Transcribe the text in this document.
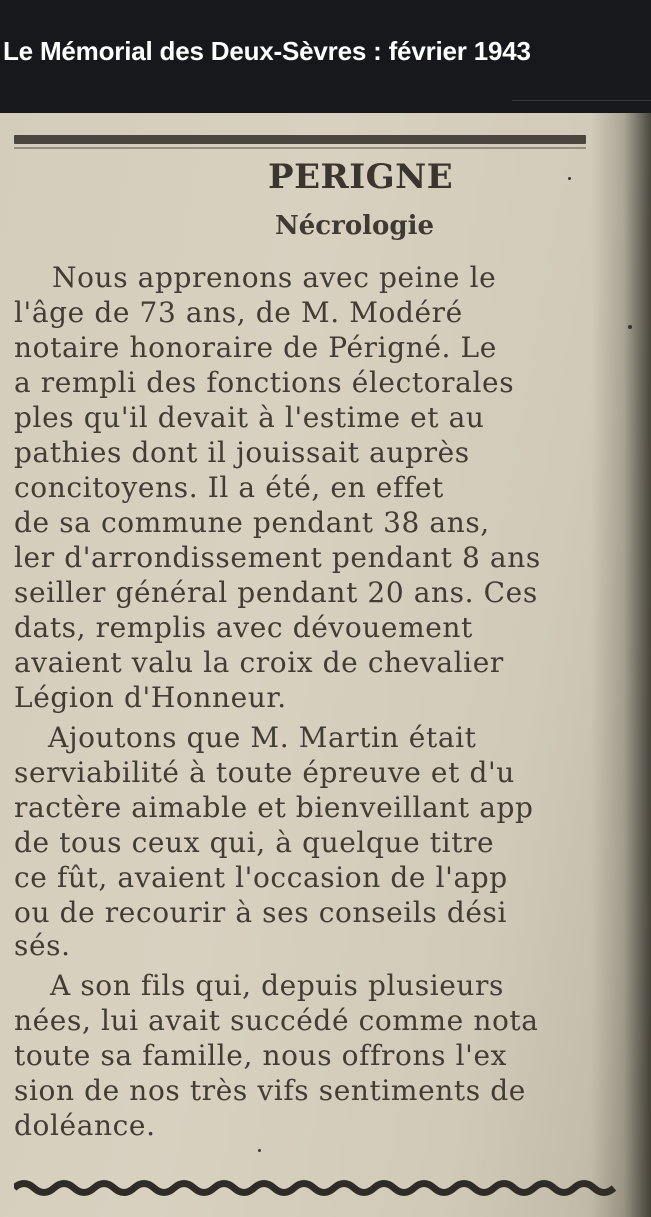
Le Mémorial des Deux-Sèvres : février 1943
PERIGNE
Nécrologie
Nous apprenons avec peine le
l'âge de 73 ans, de M. Modéré
notaire honoraire de Périgné. Le
a rempli des fonctions électorales
ples qu'il devait à l'estime et au
pathies dont il jouissait auprès
concitoyens. Il a été, en effet
de sa commune pendant 38 ans,
ler d'arrondissement pendant 8 ans
seiller général pendant 20 ans. Ces
dats, remplis avec dévouement
avaient valu la croix de chevalier
Légion d'Honneur.
Ajoutons que M. Martin était
serviabilité à toute épreuve et d'u
ractère aimable et bienveillant app
de tous ceux qui, à quelque titre
ce fût, avaient l'occasion de l'app
ou de recourir à ses conseils dési
sés.
A son fils qui, depuis plusieurs
nées, lui avait succédé comme nota
toute sa famille, nous offrons l'ex
sion de nos très vifs sentiments de
doléance.
